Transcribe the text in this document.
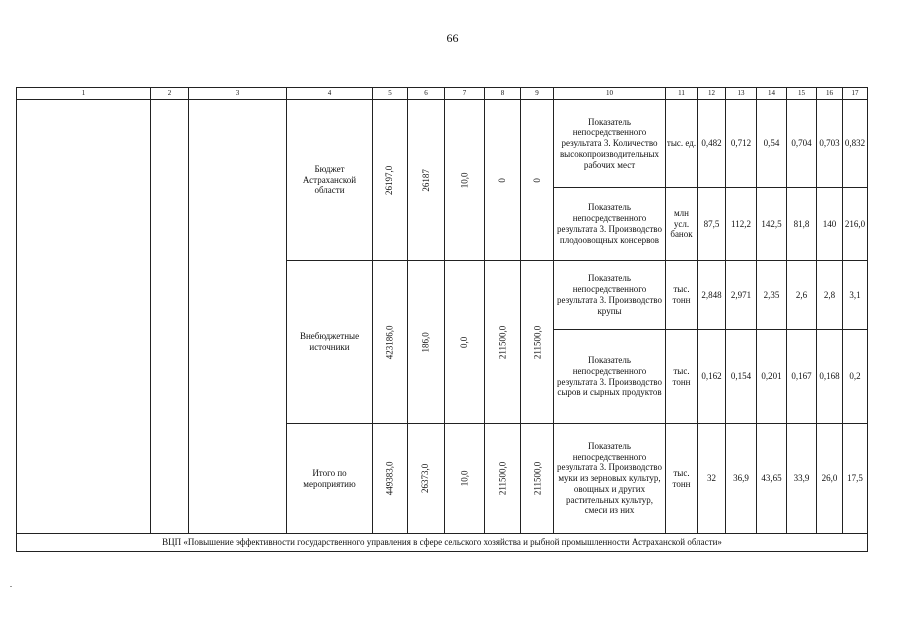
66
1	2	3	4	5	6	7	8	9	10	11	12	13	14	15	16	17
			Бюджет Астраханской области	26197,0	26187	10,0	0	0	Показатель непосредственного результата 3. Количество высокопроизводительных рабочих мест	тыс. ед.	0,482	0,712	0,54	0,704	0,703	0,832
									Показатель непосредственного результата 3. Производство плодоовощных консервов	млн усл. банок	87,5	112,2	142,5	81,8	140	216,0
			Внебюджетные источники	423186,0	186,0	0,0	211500,0	211500,0	Показатель непосредственного результата 3. Производство крупы	тыс. тонн	2,848	2,971	2,35	2,6	2,8	3,1
									Показатель непосредственного результата 3. Производство сыров и сырных продуктов	тыс. тонн	0,162	0,154	0,201	0,167	0,168	0,2
			Итого по мероприятию	449383,0	26373,0	10,0	211500,0	211500,0	Показатель непосредственного результата 3. Производство муки из зерновых культур, овощных и других растительных культур, смеси из них	тыс. тонн	32	36,9	43,65	33,9	26,0	17,5
ВЦП «Повышение эффективности государственного управления в сфере сельского хозяйства и рыбной промышленности Астраханской области»																
